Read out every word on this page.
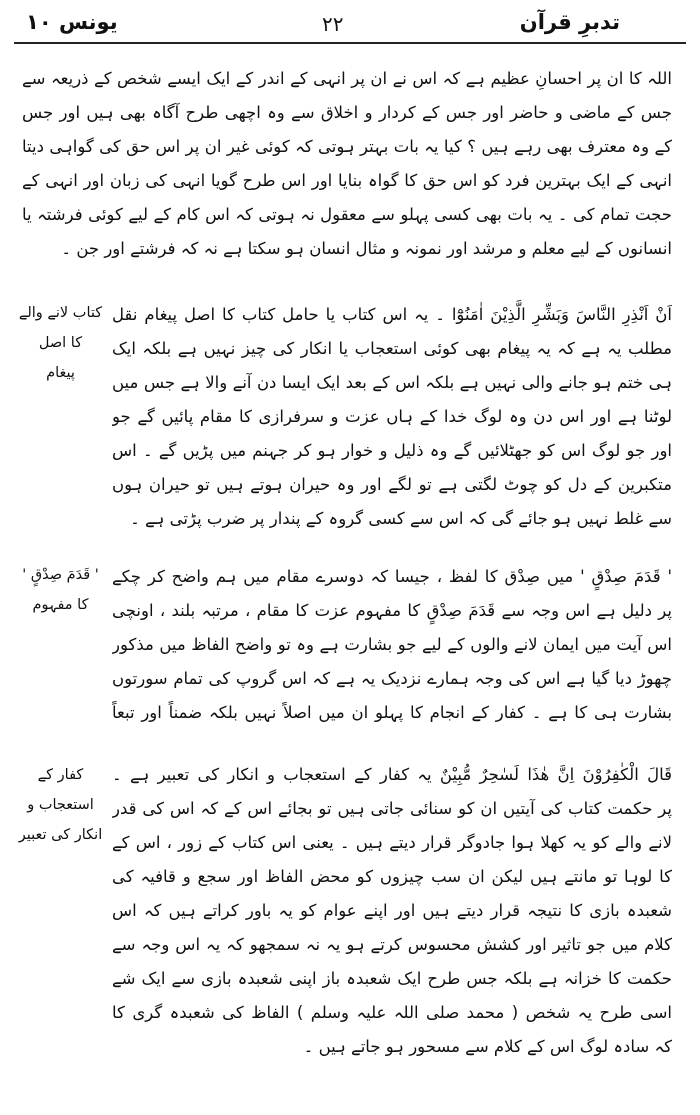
تدبرِ قرآن
۲۲
یونس ۱۰
اللہ کا ان پر احسانِ عظیم ہے کہ اس نے ان پر انہی کے اندر کے ایک ایسے شخص کے ذریعہ سے
جس کے ماضی و حاضر اور جس کے کردار و اخلاق سے وہ اچھی طرح آگاہ بھی ہیں اور جس
کے وہ معترف بھی رہے ہیں ؟ کیا یہ بات بہتر ہوتی کہ کوئی غیر ان پر اس حق کی گواہی دیتا
انہی کے ایک بہترین فرد کو اس حق کا گواہ بنایا اور اس طرح گویا انہی کی زبان اور انہی کے
حجت تمام کی ۔ یہ بات بھی کسی پہلو سے معقول نہ ہوتی کہ اس کام کے لیے کوئی فرشتہ یا
انسانوں کے لیے معلم و مرشد اور نمونہ و مثال انسان ہو سکتا ہے نہ کہ فرشتے اور جن ۔
اَنْ اَنْذِرِ النَّاسَ وَبَشِّرِ الَّذِیْنَ اٰمَنُوْٓا ۔ یہ اس کتاب یا حامل کتاب کا اصل پیغام نقل
مطلب یہ ہے کہ یہ پیغام بھی کوئی استعجاب یا انکار کی چیز نہیں ہے بلکہ ایک
ہی ختم ہو جانے والی نہیں ہے بلکہ اس کے بعد ایک ایسا دن آنے والا ہے جس میں
لوٹنا ہے اور اس دن وہ لوگ خدا کے ہاں عزت و سرفرازی کا مقام پائیں گے جو
اور جو لوگ اس کو جھٹلائیں گے وہ ذلیل و خوار ہو کر جہنم میں پڑیں گے ۔ اس
متکبرین کے دل کو چوٹ لگتی ہے تو لگے اور وہ حیران ہوتے ہیں تو حیران ہوں
سے غلط نہیں ہو جائے گی کہ اس سے کسی گروہ کے پندار پر ضرب پڑتی ہے ۔
کتاب لانے والے
کا اصل
پیغام
' قَدَمَ صِدْقٍ ' میں صِدْق کا لفظ ، جیسا کہ دوسرے مقام میں ہم واضح کر چکے
پر دلیل ہے اس وجہ سے قَدَمَ صِدْقٍ کا مفہوم عزت کا مقام ، مرتبہ بلند ، اونچی
اس آیت میں ایمان لانے والوں کے لیے جو بشارت ہے وہ تو واضح الفاظ میں مذکور
چھوڑ دیا گیا ہے اس کی وجہ ہمارے نزدیک یہ ہے کہ اس گروپ کی تمام سورتوں
بشارت ہی کا ہے ۔ کفار کے انجام کا پہلو ان میں اصلاً نہیں بلکہ ضمناً اور تبعاً
' قَدَمَ صِدْقٍ '
کا مفہوم
قَالَ الْکٰفِرُوْنَ اِنَّ ھٰذَا لَسٰحِرٌ مُّبِیْنٌ یہ کفار کے استعجاب و انکار کی تعبیر ہے ۔
پر حکمت کتاب کی آیتیں ان کو سنائی جاتی ہیں تو بجائے اس کے کہ اس کی قدر
لانے والے کو یہ کھلا ہوا جادوگر قرار دیتے ہیں ۔ یعنی اس کتاب کے زور ، اس کے
کا لوہا تو مانتے ہیں لیکن ان سب چیزوں کو محض الفاظ اور سجع و قافیہ کی
شعبدہ بازی کا نتیجہ قرار دیتے ہیں اور اپنے عوام کو یہ باور کراتے ہیں کہ اس
کلام میں جو تاثیر اور کشش محسوس کرتے ہو یہ نہ سمجھو کہ یہ اس وجہ سے
حکمت کا خزانہ ہے بلکہ جس طرح ایک شعبدہ باز اپنی شعبدہ بازی سے ایک شے
اسی طرح یہ شخص ( محمد صلی اللہ علیہ وسلم ) الفاظ کی شعبدہ گری کا
کہ سادہ لوگ اس کے کلام سے مسحور ہو جاتے ہیں ۔
کفار کے استعجاب و
انکار کی تعبیر
